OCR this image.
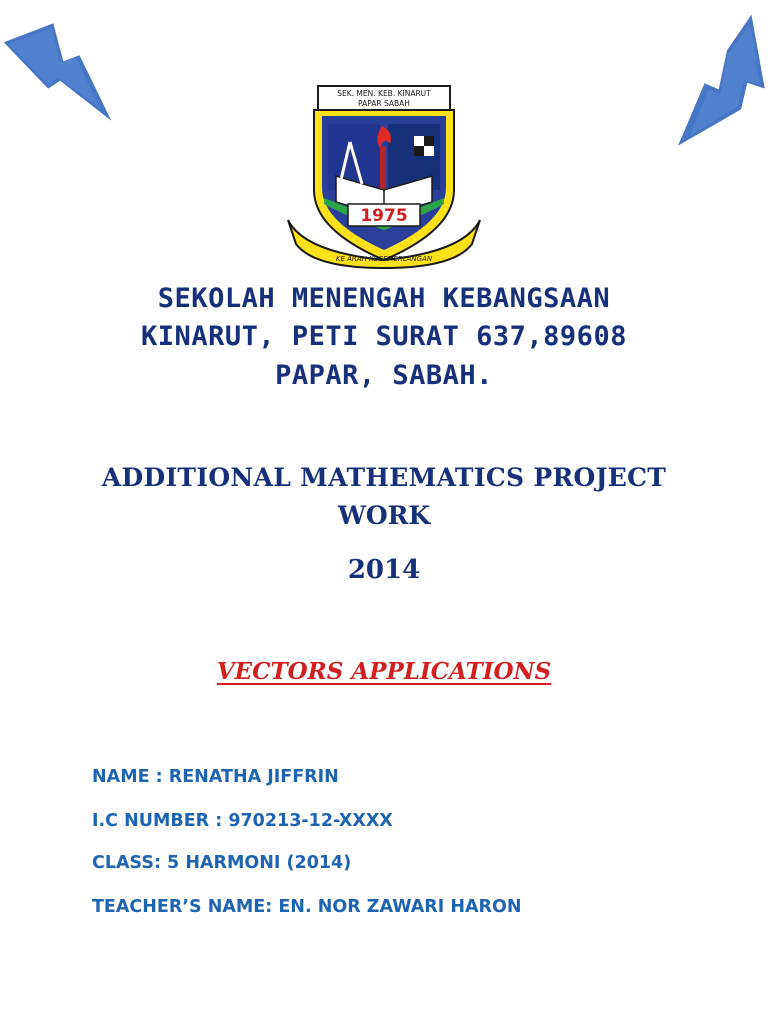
1975
SEK. MEN. KEB. KINARUT
PAPAR SABAH
KE ARAH KECEMERLANGAN
SEKOLAH MENENGAH KEBANGSAAN
KINARUT, PETI SURAT 637,89608
PAPAR, SABAH.
ADDITIONAL MATHEMATICS PROJECT
WORK
2014
VECTORS APPLICATIONS
NAME : RENATHA JIFFRIN
I.C NUMBER : 970213-12-XXXX
CLASS: 5 HARMONI (2014)
TEACHER’S NAME: EN. NOR ZAWARI HARON
